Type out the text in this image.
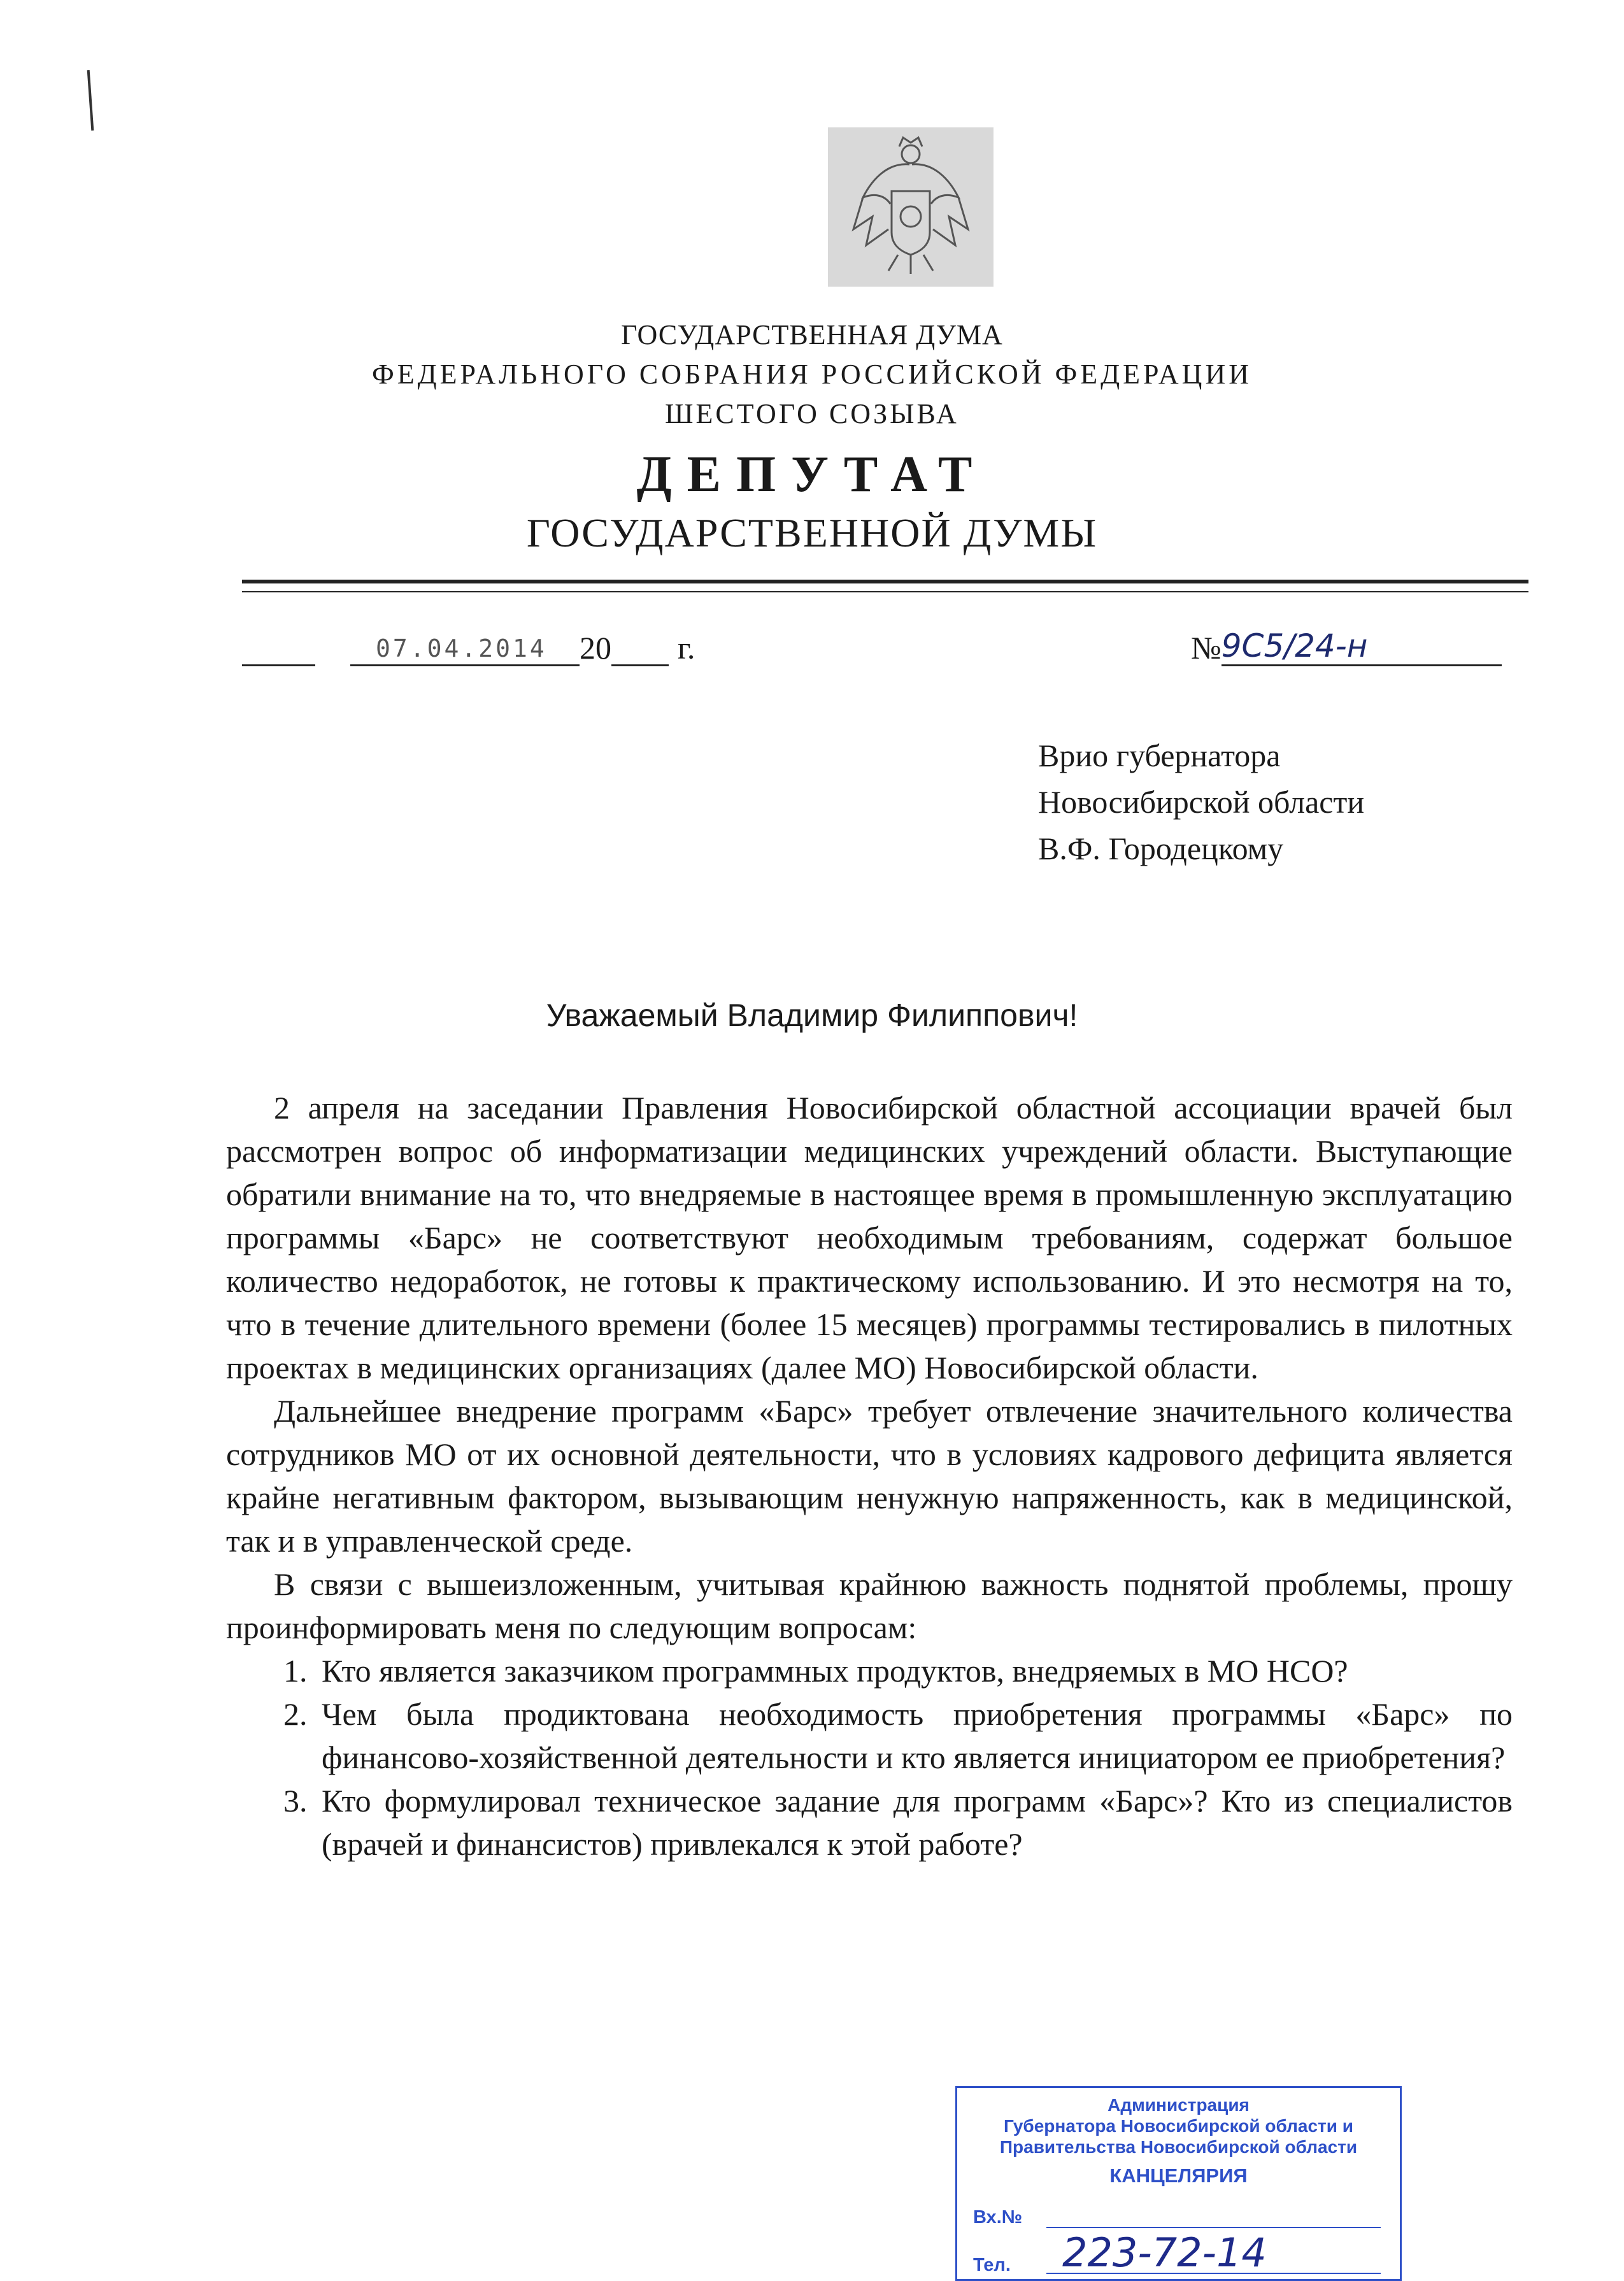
ГОСУДАРСТВЕННАЯ ДУМА
ФЕДЕРАЛЬНОГО СОБРАНИЯ РОССИЙСКОЙ ФЕДЕРАЦИИ
ШЕСТОГО СОЗЫВА
ДЕПУТАТ
ГОСУДАРСТВЕННОЙ ДУМЫ
07.04.2014 20 г.	№9С5/24-н
Врио губернатора
Новосибирской области
В.Ф. Городецкому
Уважаемый Владимир Филиппович!

2 апреля на заседании Правления Новосибирской областной ассоциации врачей был рассмотрен вопрос об информатизации медицинских учреждений области. Выступающие обратили внимание на то, что внедряемые в настоящее время в промышленную эксплуатацию программы «Барс» не соответствуют необходимым требованиям, содержат большое количество недоработок, не готовы к практическому использованию. И это несмотря на то, что в течение длительного времени (более 15 месяцев) программы тестировались в пилотных проектах в медицинских организациях (далее МО) Новосибирской области.

Дальнейшее внедрение программ «Барс» требует отвлечение значительного количества сотрудников МО от их основной деятельности, что в условиях кадрового дефицита является крайне негативным фактором, вызывающим ненужную напряженность, как в медицинской, так и в управленческой среде.

В связи с вышеизложенным, учитывая крайнюю важность поднятой проблемы, прошу проинформировать меня по следующим вопросам:

1. Кто является заказчиком программных продуктов, внедряемых в МО НСО?
2. Чем была продиктована необходимость приобретения программы «Барс» по финансово-хозяйственной деятельности и кто является инициатором ее приобретения?
3. Кто формулировал техническое задание для программ «Барс»? Кто из специалистов (врачей и финансистов) привлекался к этой работе?
Администрация
Губернатора Новосибирской области и
Правительства Новосибирской области
КАНЦЕЛЯРИЯ
Вх.№
Тел. 223-72-14
